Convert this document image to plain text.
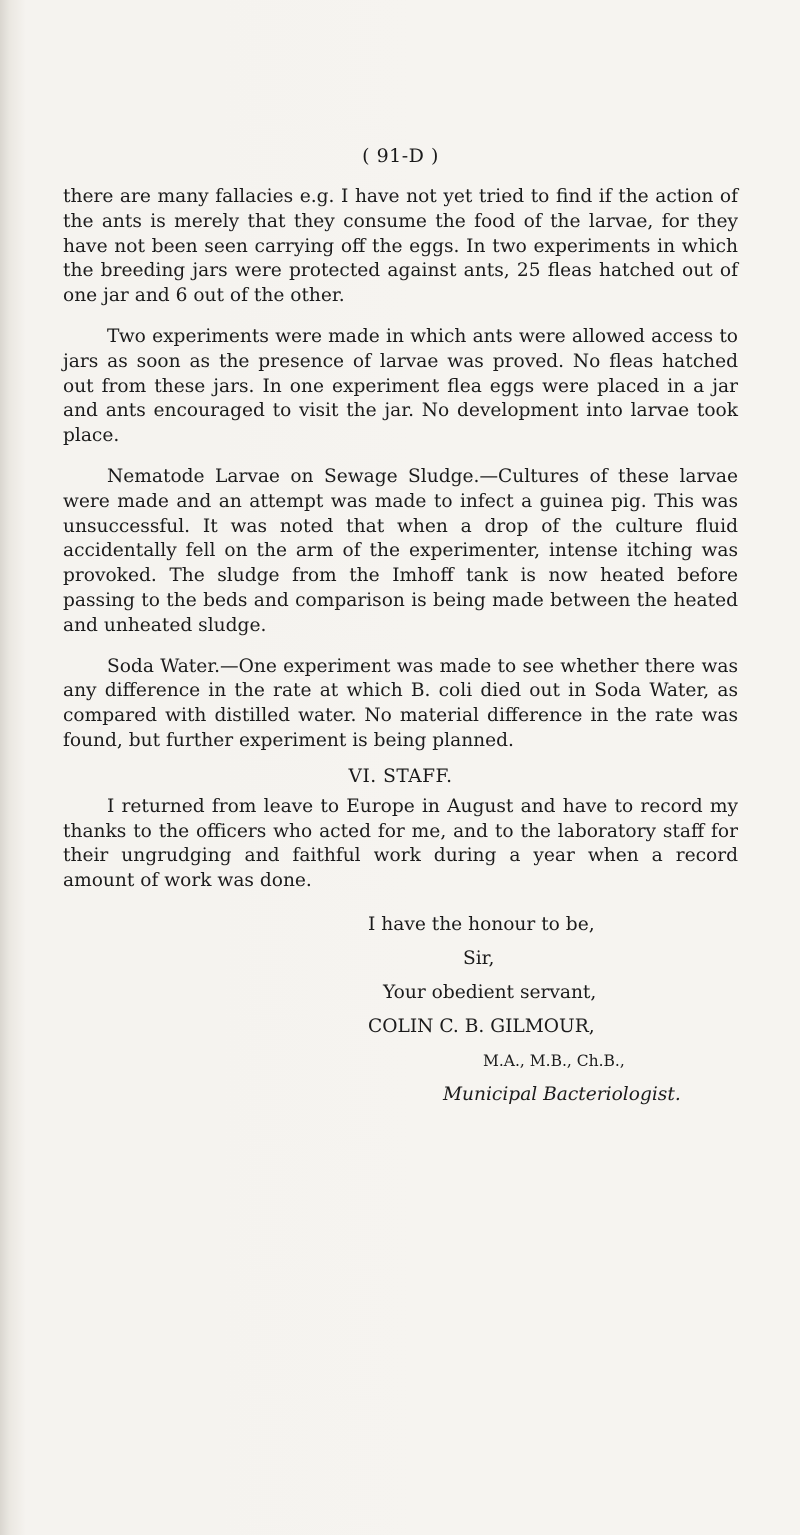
( 91-D )

there are many fallacies e.g. I have not yet tried to find if the action of the ants is merely that they consume the food of the larvae, for they have not been seen carrying off the eggs. In two experiments in which the breeding jars were protected against ants, 25 fleas hatched out of one jar and 6 out of the other.

Two experiments were made in which ants were allowed access to jars as soon as the presence of larvae was proved. No fleas hatched out from these jars. In one experiment flea eggs were placed in a jar and ants encouraged to visit the jar. No development into larvae took place.

Nematode Larvae on Sewage Sludge.—Cultures of these larvae were made and an attempt was made to infect a guinea pig. This was unsuccessful. It was noted that when a drop of the culture fluid accidentally fell on the arm of the experimenter, intense itching was provoked. The sludge from the Imhoff tank is now heated before passing to the beds and comparison is being made between the heated and unheated sludge.

Soda Water.—One experiment was made to see whether there was any difference in the rate at which B. coli died out in Soda Water, as compared with distilled water. No material difference in the rate was found, but further experiment is being planned.

VI. STAFF.

I returned from leave to Europe in August and have to record my thanks to the officers who acted for me, and to the laboratory staff for their ungrudging and faithful work during a year when a record amount of work was done.

I have the honour to be,
Sir,
Your obedient servant,
COLIN C. B. GILMOUR,
M.A., M.B., Ch.B.,
Municipal Bacteriologist.
